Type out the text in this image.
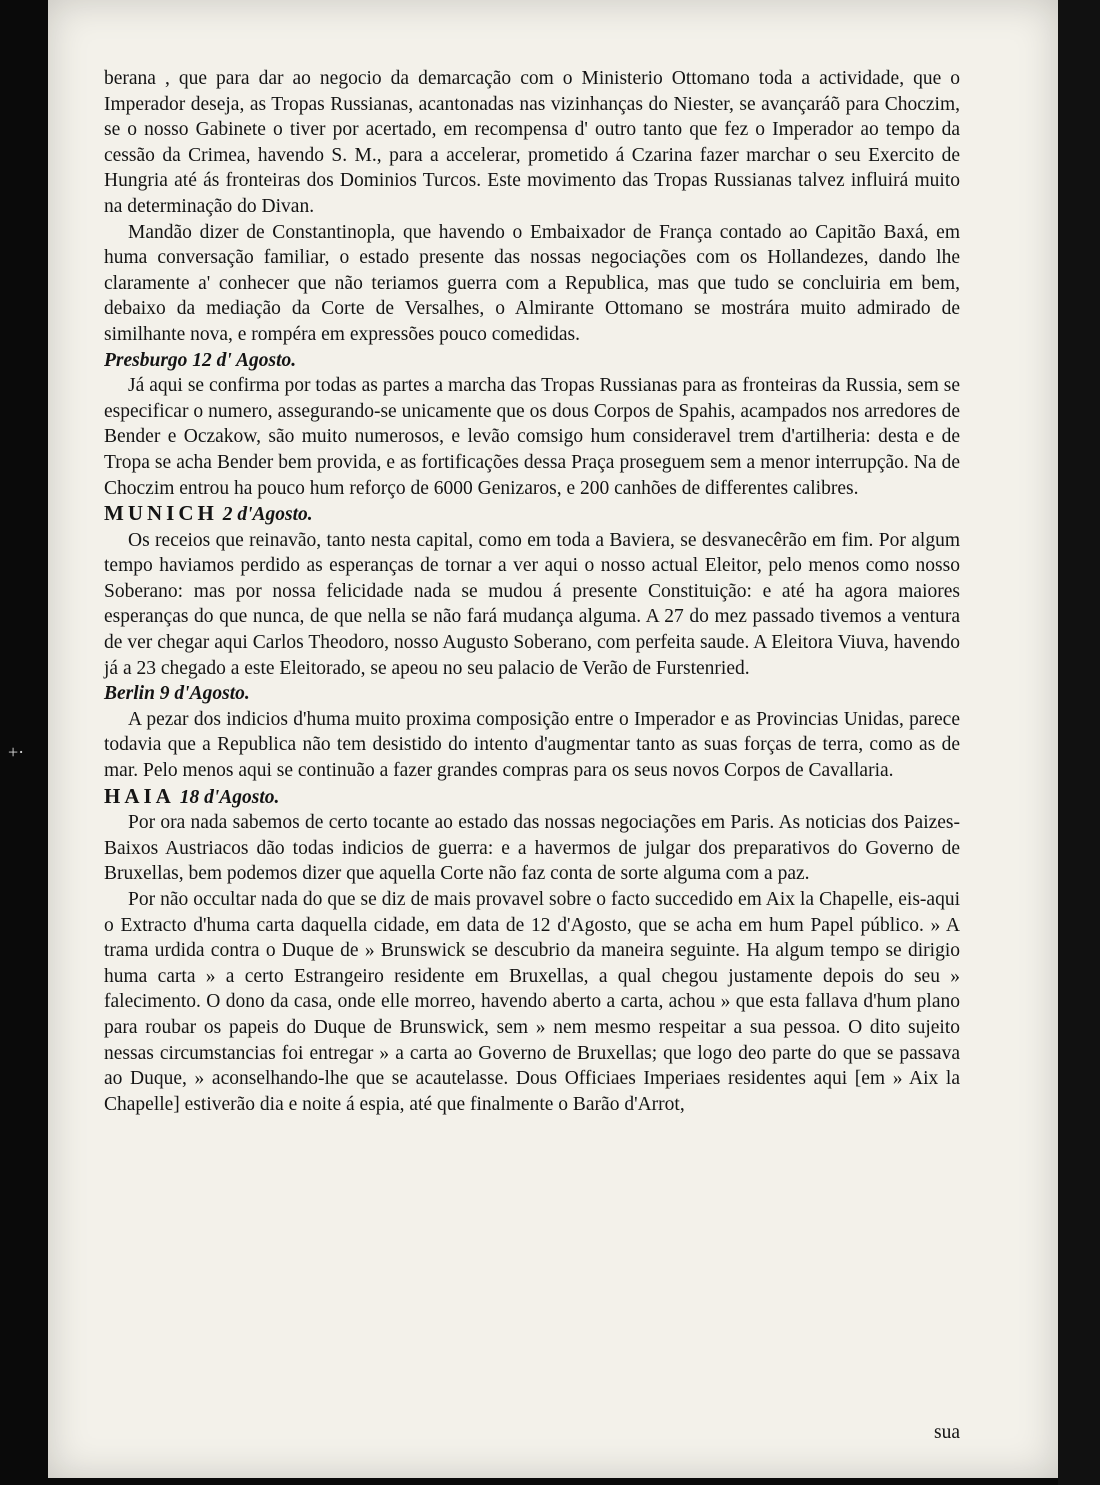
+·

berana , que para dar ao negocio da demarcação com o Ministerio Ottomano toda a actividade, que o Imperador deseja, as Tropas Russianas, acantonadas nas vizinhanças do Niester, se avançaráõ para Choczim, se o nosso Gabinete o tiver por acertado, em recompensa d' outro tanto que fez o Imperador ao tempo da cessão da Crimea, havendo S. M., para a accelerar, prometido á Czarina fazer marchar o seu Exercito de Hungria até ás fronteiras dos Dominios Turcos. Este movimento das Tropas Russianas talvez influirá muito na determinação do Divan.

Mandão dizer de Constantinopla, que havendo o Embaixador de França contado ao Capitão Baxá, em huma conversação familiar, o estado presente das nossas negociações com os Hollandezes, dando lhe claramente a' conhecer que não teriamos guerra com a Republica, mas que tudo se concluiria em bem, debaixo da mediação da Corte de Versalhes, o Almirante Ottomano se mostrára muito admirado de similhante nova, e rompéra em expressões pouco comedidas.

Presburgo 12 d' Agosto.

Já aqui se confirma por todas as partes a marcha das Tropas Russianas para as fronteiras da Russia, sem se especificar o numero, assegurando-se unicamente que os dous Corpos de Spahis, acampados nos arredores de Bender e Oczakow, são muito numerosos, e levão comsigo hum consideravel trem d'artilheria: desta e de Tropa se acha Bender bem provida, e as fortificações dessa Praça proseguem sem a menor interrupção. Na de Choczim entrou ha pouco hum reforço de 6000 Genizaros, e 200 canhões de differentes calibres.

MUNICH 2 d'Agosto.

Os receios que reinavão, tanto nesta capital, como em toda a Baviera, se desvanecêrão em fim. Por algum tempo haviamos perdido as esperanças de tornar a ver aqui o nosso actual Eleitor, pelo menos como nosso Soberano: mas por nossa felicidade nada se mudou á presente Constituição: e até ha agora maiores esperanças do que nunca, de que nella se não fará mudança alguma. A 27 do mez passado tivemos a ventura de ver chegar aqui Carlos Theodoro, nosso Augusto Soberano, com perfeita saude. A Eleitora Viuva, havendo já a 23 chegado a este Eleitorado, se apeou no seu palacio de Verão de Furstenried.

Berlin 9 d'Agosto.

A pezar dos indicios d'huma muito proxima composição entre o Imperador e as Provincias Unidas, parece todavia que a Republica não tem desistido do intento d'augmentar tanto as suas forças de terra, como as de mar. Pelo menos aqui se continuão a fazer grandes compras para os seus novos Corpos de Cavallaria.

HAIA 18 d'Agosto.

Por ora nada sabemos de certo tocante ao estado das nossas negociações em Paris. As noticias dos Paizes-Baixos Austriacos dão todas indicios de guerra: e a havermos de julgar dos preparativos do Governo de Bruxellas, bem podemos dizer que aquella Corte não faz conta de sorte alguma com a paz.

Por não occultar nada do que se diz de mais provavel sobre o facto succedido em Aix la Chapelle, eis-aqui o Extracto d'huma carta daquella cidade, em data de 12 d'Agosto, que se acha em hum Papel público. » A trama urdida contra o Duque de » Brunswick se descubrio da maneira seguinte. Ha algum tempo se dirigio huma carta » a certo Estrangeiro residente em Bruxellas, a qual chegou justamente depois do seu » falecimento. O dono da casa, onde elle morreo, havendo aberto a carta, achou » que esta fallava d'hum plano para roubar os papeis do Duque de Brunswick, sem » nem mesmo respeitar a sua pessoa. O dito sujeito nessas circumstancias foi entregar » a carta ao Governo de Bruxellas; que logo deo parte do que se passava ao Duque, » aconselhando-lhe que se acautelasse. Dous Officiaes Imperiaes residentes aqui [em » Aix la Chapelle] estiverão dia e noite á espia, até que finalmente o Barão d'Arrot,

sua
